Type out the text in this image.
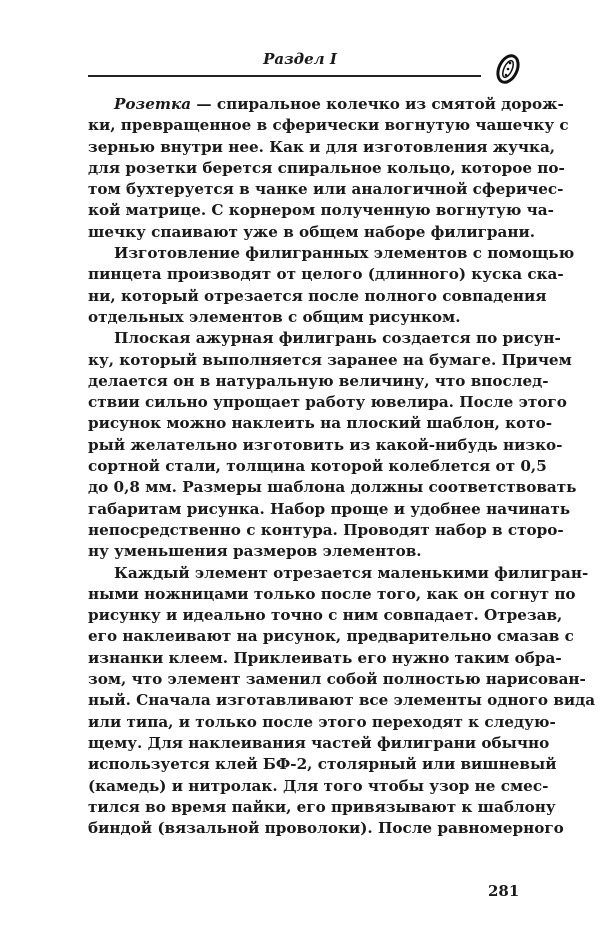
Раздел I
Розетка — спиральное колечко из смятой дорож-
ки, превращенное в сферически вогнутую чашечку с
зернью внутри нее. Как и для изготовления жучка,
для розетки берется спиральное кольцо, которое по-
том бухтеруется в чанке или аналогичной сферичес-
кой матрице. С корнером полученную вогнутую ча-
шечку спаивают уже в общем наборе филиграни.
Изготовление филигранных элементов с помощью
пинцета производят от целого (длинного) куска ска-
ни, который отрезается после полного совпадения
отдельных элементов с общим рисунком.
Плоская ажурная филигрань создается по рисун-
ку, который выполняется заранее на бумаге. Причем
делается он в натуральную величину, что впослед-
ствии сильно упрощает работу ювелира. После этого
рисунок можно наклеить на плоский шаблон, кото-
рый желательно изготовить из какой-нибудь низко-
сортной стали, толщина которой колеблется от 0,5
до 0,8 мм. Размеры шаблона должны соответствовать
габаритам рисунка. Набор проще и удобнее начинать
непосредственно с контура. Проводят набор в сторо-
ну уменьшения размеров элементов.
Каждый элемент отрезается маленькими филигран-
ными ножницами только после того, как он согнут по
рисунку и идеально точно с ним совпадает. Отрезав,
его наклеивают на рисунок, предварительно смазав с
изнанки клеем. Приклеивать его нужно таким обра-
зом, что элемент заменил собой полностью нарисован-
ный. Сначала изготавливают все элементы одного вида
или типа, и только после этого переходят к следую-
щему. Для наклеивания частей филиграни обычно
используется клей БФ-2, столярный или вишневый
(камедь) и нитролак. Для того чтобы узор не смес-
тился во время пайки, его привязывают к шаблону
биндой (вязальной проволоки). После равномерного
281
